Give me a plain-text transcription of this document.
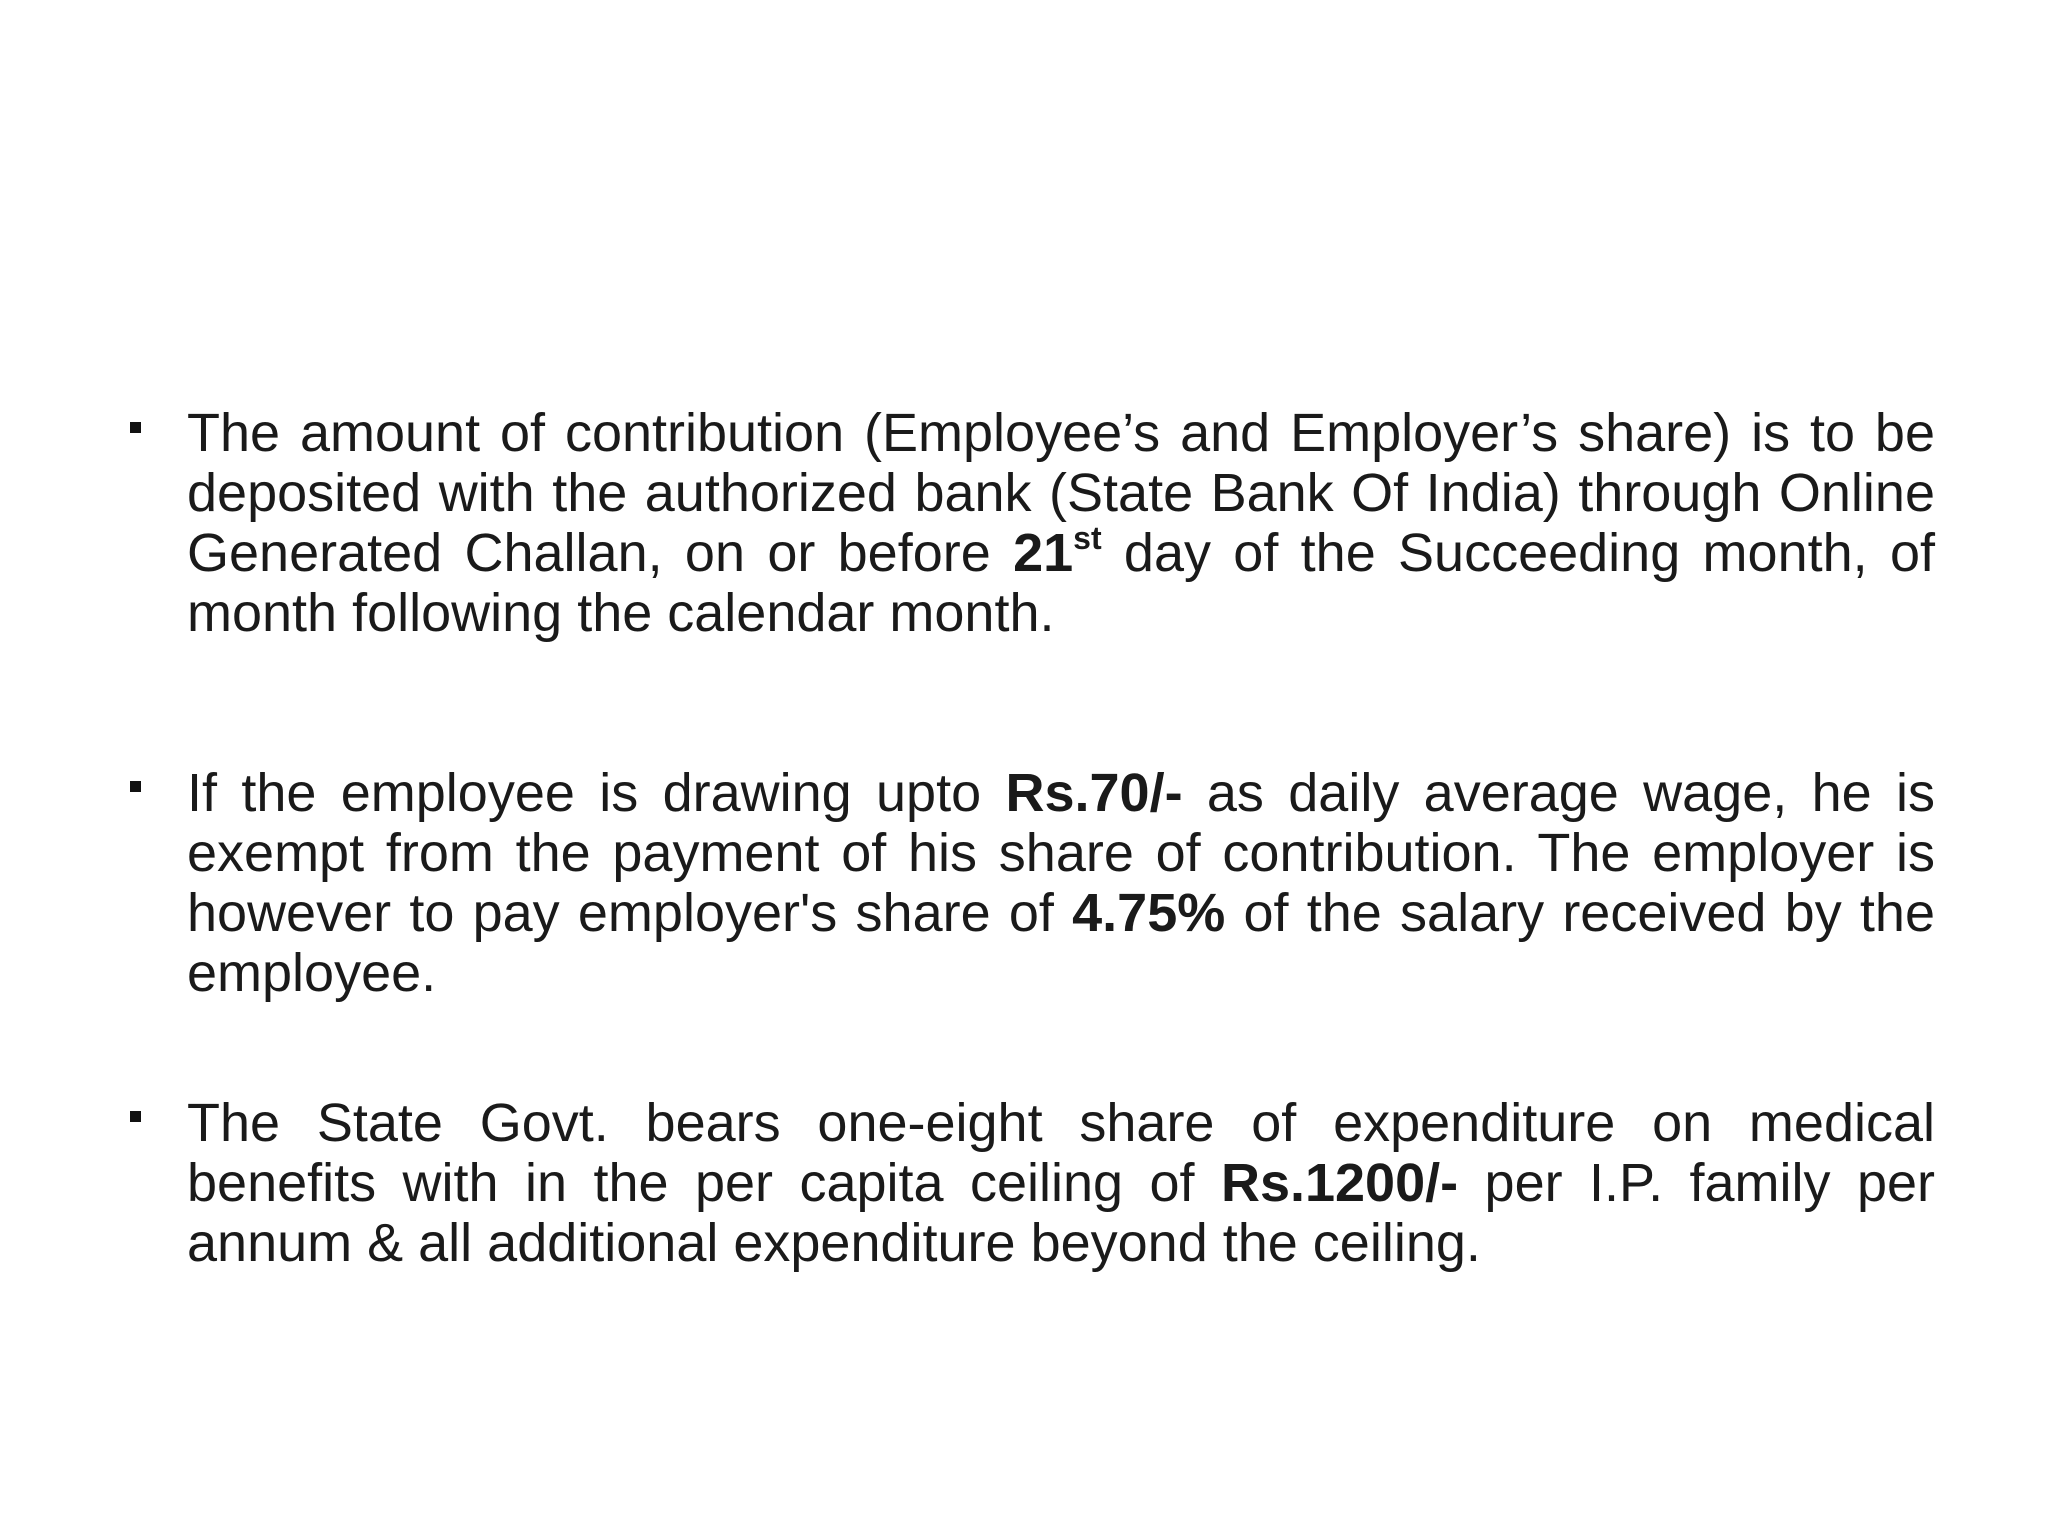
The amount of contribution (Employee’s and Employer’s share) is to be deposited with the authorized bank (State Bank Of India) through Online Generated Challan, on or before 21st day of the Succeeding month, of month following the calendar month.

If the employee is drawing upto Rs.70/- as daily average wage, he is exempt from the payment of his share of contribution. The employer is however to pay employer's share of 4.75% of the salary received by the employee.

The State Govt. bears one-eight share of expenditure on medical benefits with in the per capita ceiling of Rs.1200/- per I.P. family per annum & all additional expenditure beyond the ceiling.
